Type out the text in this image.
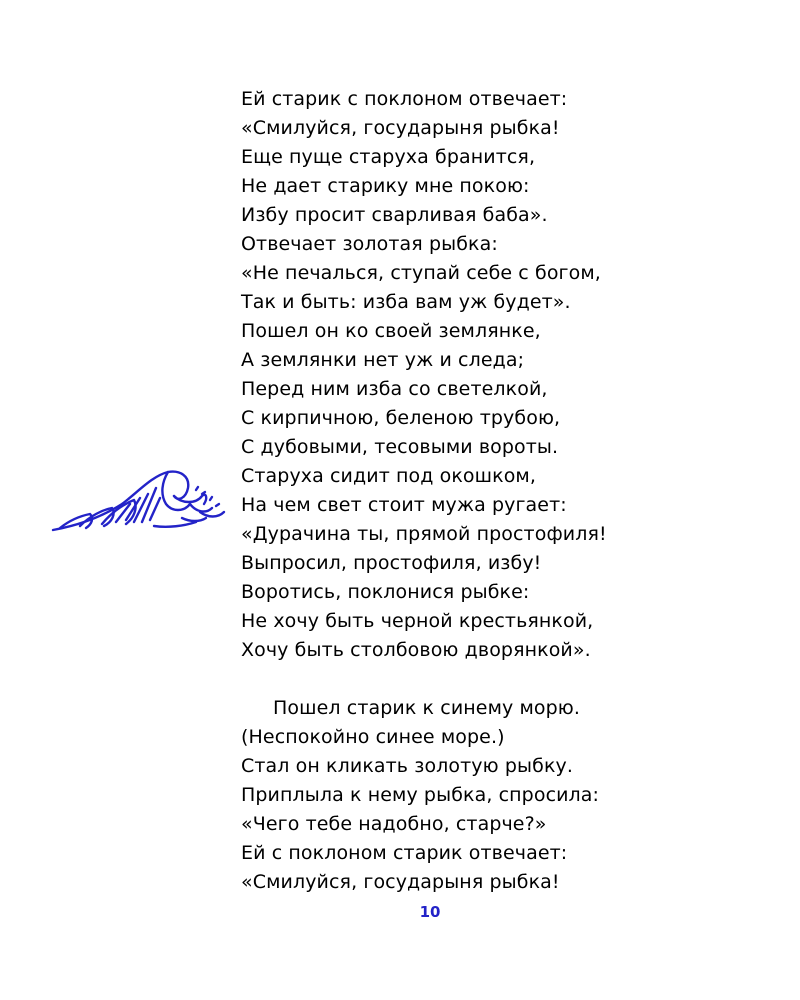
Ей старик с поклоном отвечает:
«Смилуйся, государыня рыбка!
Еще пуще старуха бранится,
Не дает старику мне покою:
Избу просит сварливая баба».
Отвечает золотая рыбка:
«Не печалься, ступай себе с богом,
Так и быть: изба вам уж будет».
Пошел он ко своей землянке,
А землянки нет уж и следа;
Перед ним изба со светелкой,
С кирпичною, беленою трубою,
С дубовыми, тесовыми вороты.
Старуха сидит под окошком,
На чем свет стоит мужа ругает:
«Дурачина ты, прямой простофиля!
Выпросил, простофиля, избу!
Воротись, поклонися рыбке:
Не хочу быть черной крестьянкой,
Хочу быть столбовою дворянкой».
Пошел старик к синему морю.
(Неспокойно синее море.)
Стал он кликать золотую рыбку.
Приплыла к нему рыбка, спросила:
«Чего тебе надобно, старче?»
Ей с поклоном старик отвечает:
«Смилуйся, государыня рыбка!
10
